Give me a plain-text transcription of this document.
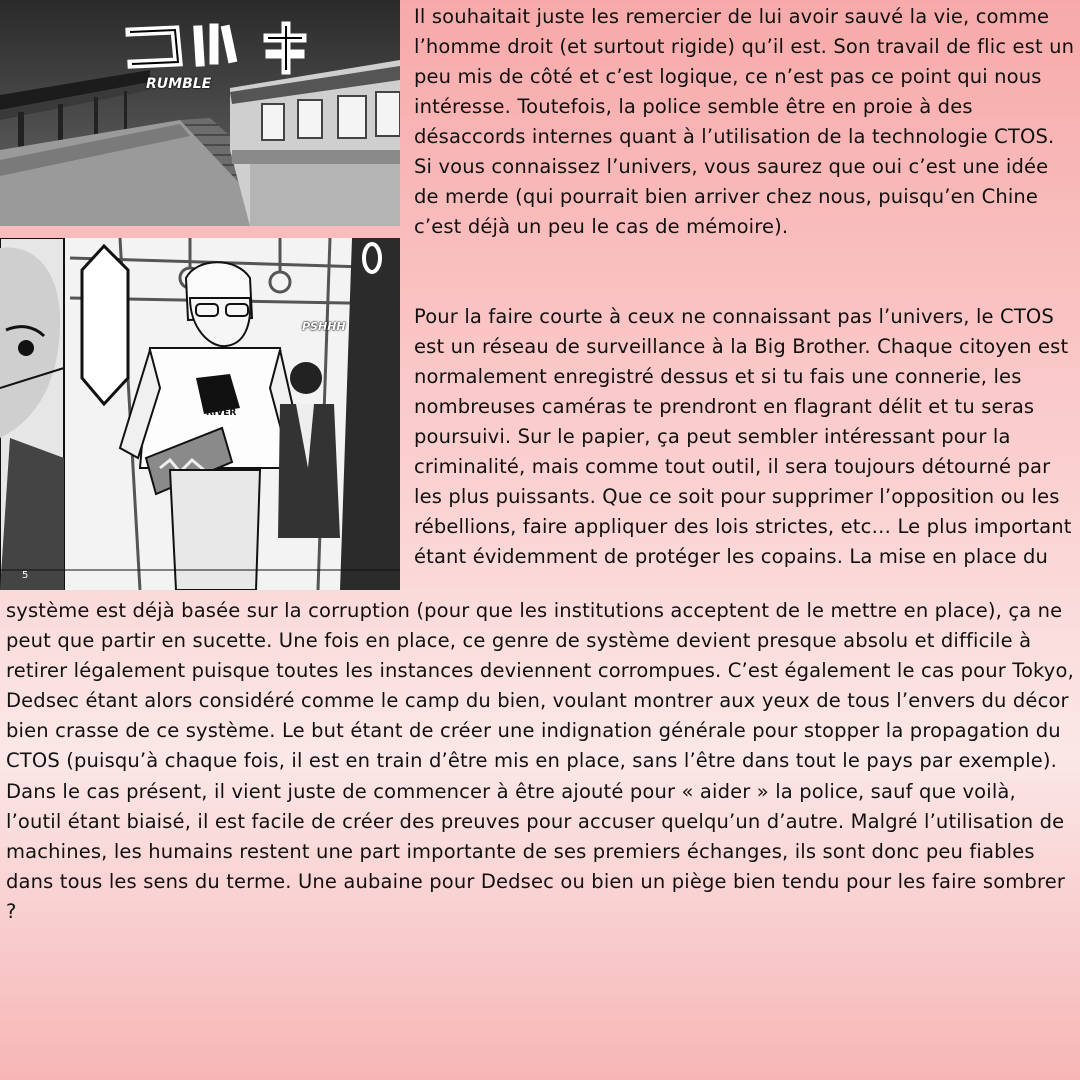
RUMBLE
PSHHH
RIVER
5

Il souhaitait juste les remercier de lui avoir sauvé la vie, comme l’homme droit (et surtout rigide) qu’il est. Son travail de flic est un peu mis de côté et c’est logique, ce n’est pas ce point qui nous intéresse. Toutefois, la police semble être en proie à des désaccords internes quant à l’utilisation de la technologie CTOS. Si vous connaissez l’univers, vous saurez que oui c’est une idée de merde (qui pourrait bien arriver chez nous, puisqu’en Chine c’est déjà un peu le cas de mémoire).

Pour la faire courte à ceux ne connaissant pas l’univers, le CTOS est un réseau de surveillance à la Big Brother. Chaque citoyen est normalement enregistré dessus et si tu fais une connerie, les nombreuses caméras te prendront en flagrant délit et tu seras poursuivi. Sur le papier, ça peut sembler intéressant pour la criminalité, mais comme tout outil, il sera toujours détourné par les plus puissants. Que ce soit pour supprimer l’opposition ou les rébellions, faire appliquer des lois strictes, etc… Le plus important étant évidemment de protéger les copains. La mise en place du

système est déjà basée sur la corruption (pour que les institutions acceptent de le mettre en place), ça ne peut que partir en sucette. Une fois en place, ce genre de système devient presque absolu et difficile à retirer légalement puisque toutes les instances deviennent corrompues. C’est également le cas pour Tokyo, Dedsec étant alors considéré comme le camp du bien, voulant montrer aux yeux de tous l’envers du décor bien crasse de ce système. Le but étant de créer une indignation générale pour stopper la propagation du CTOS (puisqu’à chaque fois, il est en train d’être mis en place, sans l’être dans tout le pays par exemple). Dans le cas présent, il vient juste de commencer à être ajouté pour « aider » la police, sauf que voilà, l’outil étant biaisé, il est facile de créer des preuves pour accuser quelqu’un d’autre. Malgré l’utilisation de machines, les humains restent une part importante de ses premiers échanges, ils sont donc peu fiables dans tous les sens du terme. Une aubaine pour Dedsec ou bien un piège bien tendu pour les faire sombrer ?
